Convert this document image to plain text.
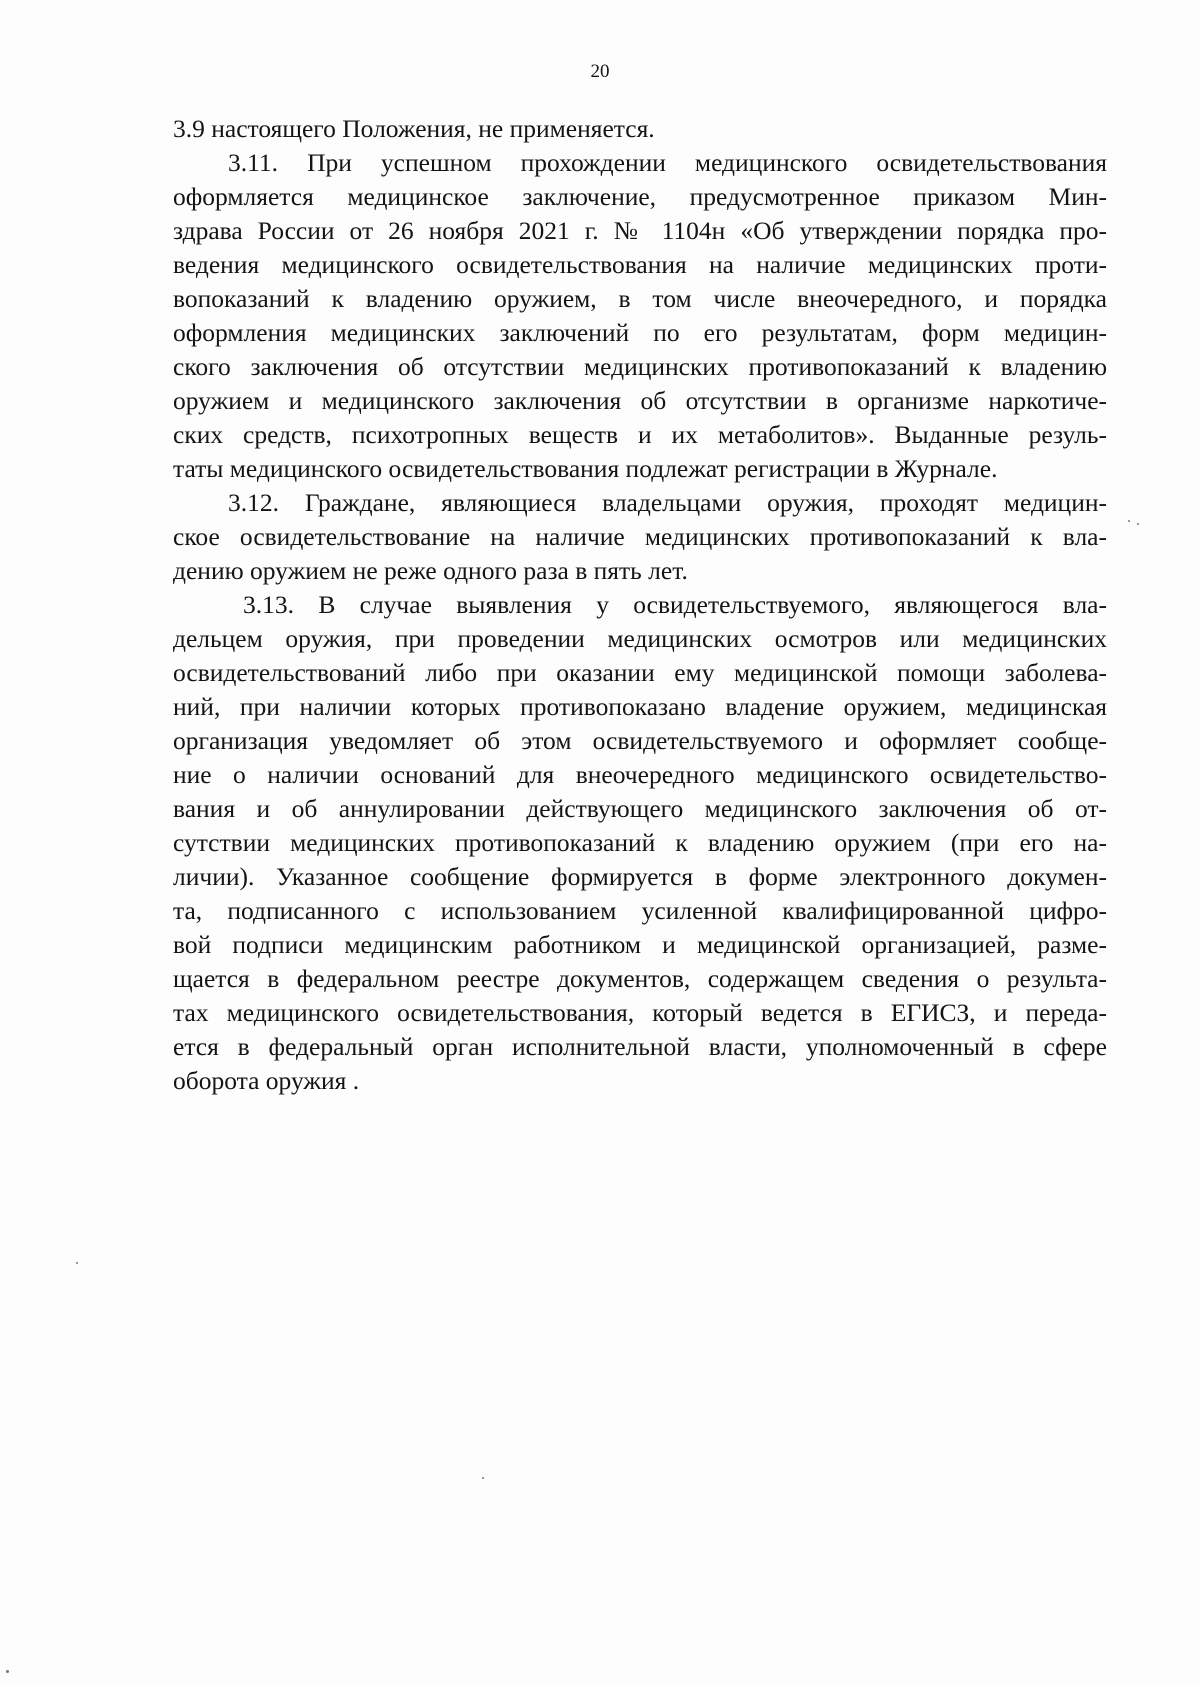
20
3.9 настоящего Положения, не применяется.
3.11. При успешном прохождении медицинского освидетельствования
оформляется медицинское заключение, предусмотренное приказом Мин-
здрава России от 26 ноября 2021 г. № 1104н «Об утверждении порядка про-
ведения медицинского освидетельствования на наличие медицинских проти-
вопоказаний к владению оружием, в том числе внеочередного, и порядка
оформления медицинских заключений по его результатам, форм медицин-
ского заключения об отсутствии медицинских противопоказаний к владению
оружием и медицинского заключения об отсутствии в организме наркотиче-
ских средств, психотропных веществ и их метаболитов». Выданные резуль-
таты медицинского освидетельствования подлежат регистрации в Журнале.
3.12. Граждане, являющиеся владельцами оружия, проходят медицин-
ское освидетельствование на наличие медицинских противопоказаний к вла-
дению оружием не реже одного раза в пять лет.
3.13. В случае выявления у освидетельствуемого, являющегося вла-
дельцем оружия, при проведении медицинских осмотров или медицинских
освидетельствований либо при оказании ему медицинской помощи заболева-
ний, при наличии которых противопоказано владение оружием, медицинская
организация уведомляет об этом освидетельствуемого и оформляет сообще-
ние о наличии оснований для внеочередного медицинского освидетельство-
вания и об аннулировании действующего медицинского заключения об от-
сутствии медицинских противопоказаний к владению оружием (при его на-
личии). Указанное сообщение формируется в форме электронного докумен-
та, подписанного с использованием усиленной квалифицированной цифро-
вой подписи медицинским работником и медицинской организацией, разме-
щается в федеральном реестре документов, содержащем сведения о результа-
тах медицинского освидетельствования, который ведется в ЕГИСЗ, и переда-
ется в федеральный орган исполнительной власти, уполномоченный в сфере
оборота оружия .
